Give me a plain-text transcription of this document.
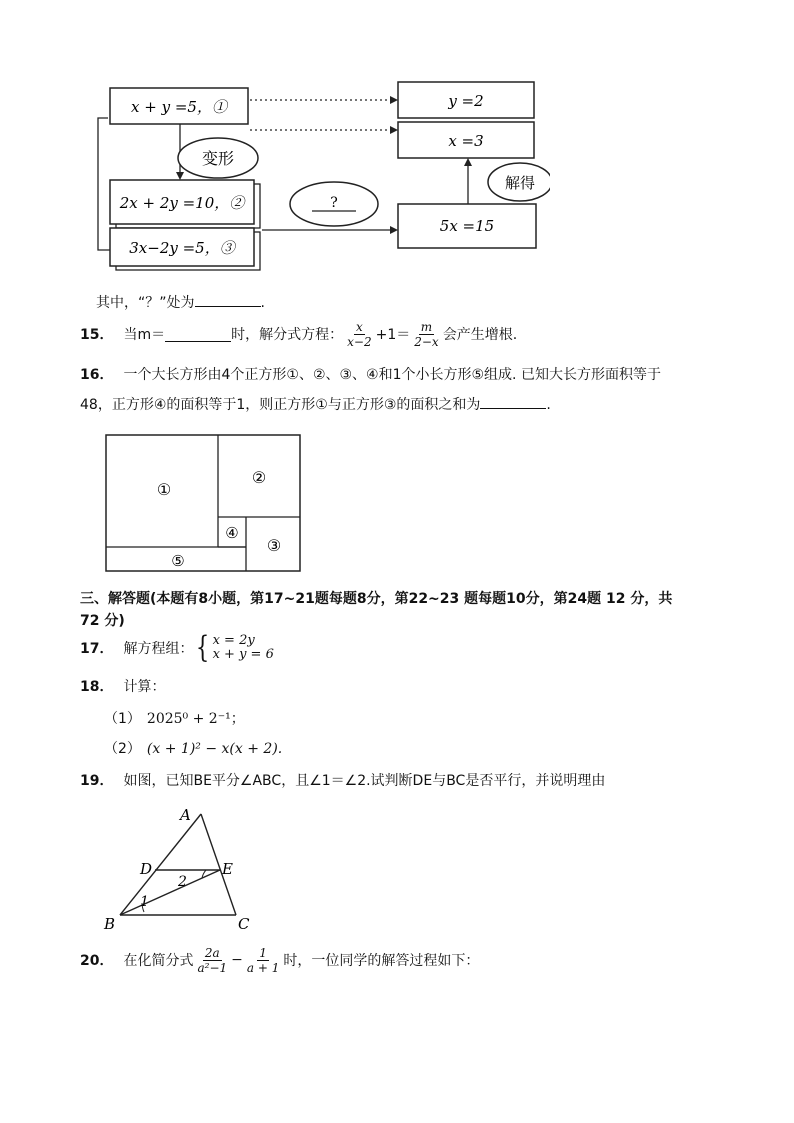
x + y =5，①
2x + 2y =10，②
3x−2y =5，③
变形
?
y =2
x =3
5x =15
解得
其中，“？”处为	.
15． 当m＝	时，解分式方程： $\frac{x}{x-2} +1= \frac{m}{2-x}$ 会产生增根.
16． 一个大长方形由4个正方形①、②、③、④和1个小长方形⑤组成. 已知大长方形面积等于
48，正方形④的面积等于1，则正方形①与正方形③的面积之和为	.
①
②
③
④
⑤
三、解答题(本题有8小题，第17~21题每题8分，第22~23 题每题10分，第24题 12 分，共
72 分)
17． 解方程组： { x = 2y
x + y = 6
18． 计算：
（1） 2025⁰ + 2⁻¹；
（2） (x + 1)² − x(x + 2).
19． 如图，已知BE平分∠ABC，且∠1＝∠2.试判断DE与BC是否平行，并说明理由
A
B	C
D	E
1
2
20． 在化简分式 $\frac{2a}{\text{a²−1}} - \frac{1}{a + 1}$ 时，一位同学的解答过程如下：
